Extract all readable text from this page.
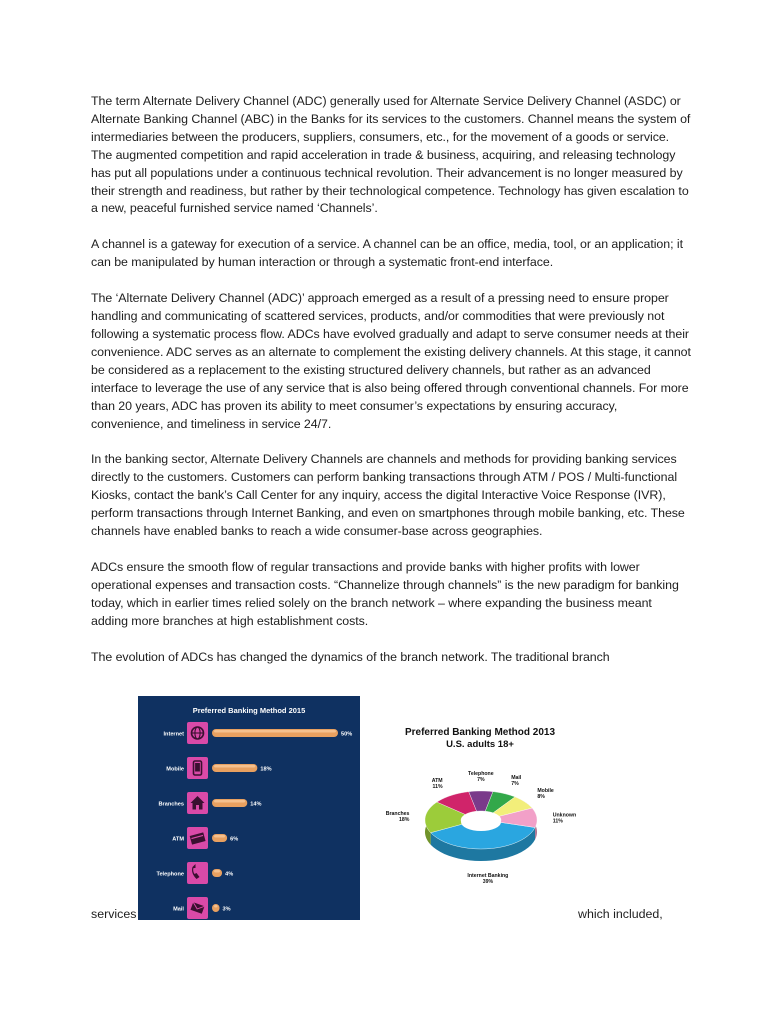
The term Alternate Delivery Channel (ADC) generally used for Alternate Service Delivery Channel (ASDC) or Alternate Banking Channel (ABC) in the Banks for its services to the customers. Channel means the system of intermediaries between the producers, suppliers, consumers, etc., for the movement of a goods or service.

The augmented competition and rapid acceleration in trade & business, acquiring, and releasing technology has put all populations under a continuous technical revolution. Their advancement is no longer measured by their strength and readiness, but rather by their technological competence. Technology has given escalation to a new, peaceful furnished service named ‘Channels’.

A channel is a gateway for execution of a service. A channel can be an office, media, tool, or an application; it can be manipulated by human interaction or through a systematic front-end interface.

The ‘Alternate Delivery Channel (ADC)’ approach emerged as a result of a pressing need to ensure proper handling and communicating of scattered services, products, and/or commodities that were previously not following a systematic process flow. ADCs have evolved gradually and adapt to serve consumer needs at their convenience. ADC serves as an alternate to complement the existing delivery channels. At this stage, it cannot be considered as a replacement to the existing structured delivery channels, but rather as an advanced interface to leverage the use of any service that is also being offered through conventional channels. For more than 20 years, ADC has proven its ability to meet consumer’s expectations by ensuring accuracy, convenience, and timeliness in service 24/7.

In the banking sector, Alternate Delivery Channels are channels and methods for providing banking services directly to the customers. Customers can perform banking transactions through ATM / POS / Multi-functional Kiosks, contact the bank’s Call Center for any inquiry, access the digital Interactive Voice Response (IVR), perform transactions through Internet Banking, and even on smartphones through mobile banking, etc. These channels have enabled banks to reach a wide consumer-base across geographies.

ADCs ensure the smooth flow of regular transactions and provide banks with higher profits with lower operational expenses and transaction costs. “Channelize through channels” is the new paradigm for banking today, which in earlier times relied solely on the branch network – where expanding the business meant adding more branches at high establishment costs.

The evolution of ADCs has changed the dynamics of the branch network. The traditional branch

Preferred Banking Method 2015
Internet	50%
Mobile	18%
Branches	14%
ATM	6%
Telephone	4%
Mail	3%
Preferred Banking Method 2013
U.S. adults 18+
Internet Banking
39%
Branches
18%
ATM
11%
Telephone
7%	Mail
7%
Mobile
8%
Unknown
11%
services	which included,
